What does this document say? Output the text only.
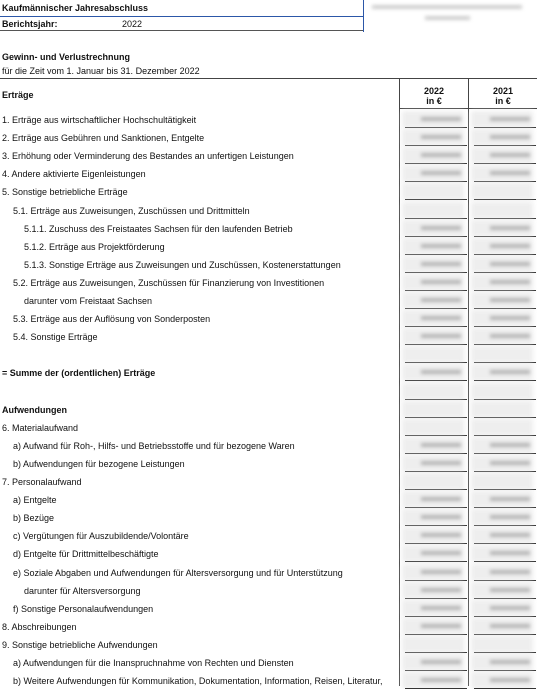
Kaufmännischer Jahresabschluss
Berichtsjahr:	2022
Gewinn- und Verlustrechnung
für die Zeit vom 1. Januar bis 31. Dezember 2022
Erträge	2022
in €
2021
in €
1. Erträge aus wirtschaftlicher Hochschultätigkeit
2. Erträge aus Gebühren und Sanktionen, Entgelte
3. Erhöhung oder Verminderung des Bestandes an unfertigen Leistungen
4. Andere aktivierte Eigenleistungen
5. Sonstige betriebliche Erträge
5.1. Erträge aus Zuweisungen, Zuschüssen und Drittmitteln
5.1.1. Zuschuss des Freistaates Sachsen für den laufenden Betrieb
5.1.2. Erträge aus Projektförderung
5.1.3. Sonstige Erträge aus Zuweisungen und Zuschüssen, Kostenerstattungen
5.2. Erträge aus Zuweisungen, Zuschüssen für Finanzierung von Investitionen
darunter vom Freistaat Sachsen
5.3. Erträge aus der Auflösung von Sonderposten
5.4. Sonstige Erträge
= Summe der (ordentlichen) Erträge
Aufwendungen
6. Materialaufwand
a) Aufwand für Roh-, Hilfs- und Betriebsstoffe und für bezogene Waren
b) Aufwendungen für bezogene Leistungen
7. Personalaufwand
a) Entgelte
b) Bezüge
c) Vergütungen für Auszubildende/Volontäre
d) Entgelte für Drittmittelbeschäftigte
e) Soziale Abgaben und Aufwendungen für Altersversorgung und für Unterstützung
darunter für Altersversorgung
f) Sonstige Personalaufwendungen
8. Abschreibungen
9. Sonstige betriebliche Aufwendungen
a) Aufwendungen für die Inanspruchnahme von Rechten und Diensten
b) Weitere Aufwendungen für Kommunikation, Dokumentation, Information, Reisen, Literatur,
